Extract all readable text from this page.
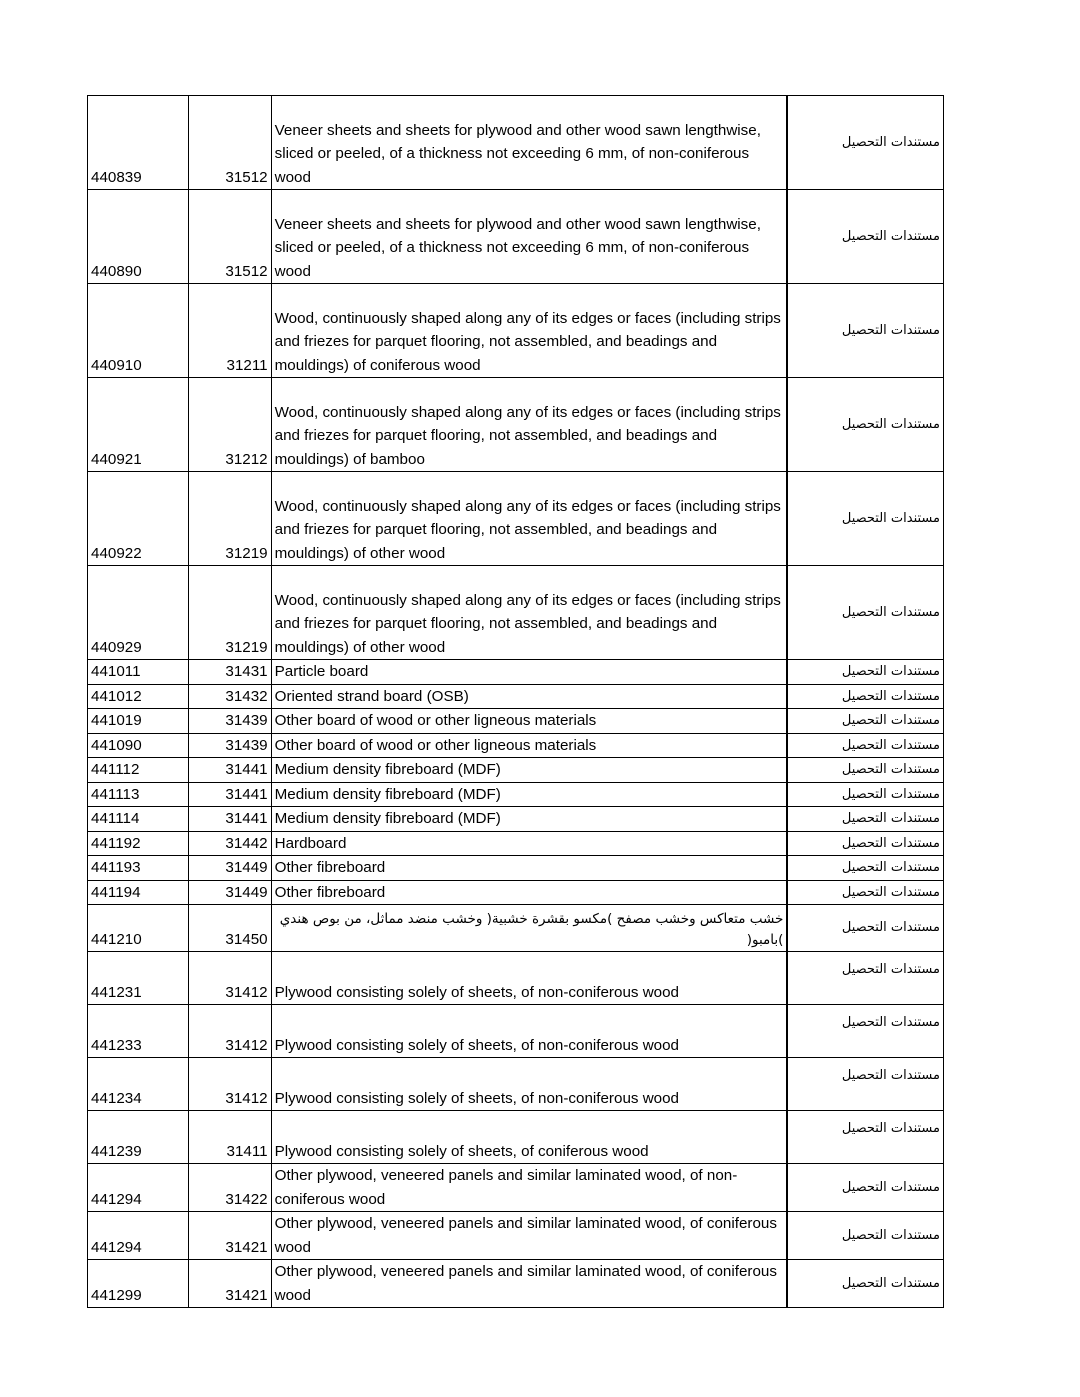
440839	31512	Veneer sheets and sheets for plywood and other wood sawn lengthwise, sliced or peeled, of a thickness not exceeding 6 mm, of non-coniferous wood	مستندات التحصيل
440890	31512	Veneer sheets and sheets for plywood and other wood sawn lengthwise, sliced or peeled, of a thickness not exceeding 6 mm, of non-coniferous wood	مستندات التحصيل
440910	31211	Wood, continuously shaped along any of its edges or faces (including strips and friezes for parquet flooring, not assembled, and beadings and mouldings) of coniferous wood	مستندات التحصيل
440921	31212	Wood, continuously shaped along any of its edges or faces (including strips and friezes for parquet flooring, not assembled, and beadings and mouldings) of bamboo	مستندات التحصيل
440922	31219	Wood, continuously shaped along any of its edges or faces (including strips and friezes for parquet flooring, not assembled, and beadings and mouldings) of other wood	مستندات التحصيل
440929	31219	Wood, continuously shaped along any of its edges or faces (including strips and friezes for parquet flooring, not assembled, and beadings and mouldings) of other wood	مستندات التحصيل
441011	31431	Particle board	مستندات التحصيل
441012	31432	Oriented strand board (OSB)	مستندات التحصيل
441019	31439	Other board of wood or other ligneous materials	مستندات التحصيل
441090	31439	Other board of wood or other ligneous materials	مستندات التحصيل
441112	31441	Medium density fibreboard (MDF)	مستندات التحصيل
441113	31441	Medium density fibreboard (MDF)	مستندات التحصيل
441114	31441	Medium density fibreboard (MDF)	مستندات التحصيل
441192	31442	Hardboard	مستندات التحصيل
441193	31449	Other fibreboard	مستندات التحصيل
441194	31449	Other fibreboard	مستندات التحصيل
441210	31450	خشب متعاكس وخشب مصفح )مكسو بقشرة خشبية( وخشب منضد مماثل، من بوص هندي )بامبو(	مستندات التحصيل
441231	31412	Plywood consisting solely of sheets, of non-coniferous wood	مستندات التحصيل
441233	31412	Plywood consisting solely of sheets, of non-coniferous wood	مستندات التحصيل
441234	31412	Plywood consisting solely of sheets, of non-coniferous wood	مستندات التحصيل
441239	31411	Plywood consisting solely of sheets, of coniferous wood	مستندات التحصيل
441294	31422	Other plywood, veneered panels and similar laminated wood, of non-coniferous wood	مستندات التحصيل
441294	31421	Other plywood, veneered panels and similar laminated wood, of coniferous wood	مستندات التحصيل
441299	31421	Other plywood, veneered panels and similar laminated wood, of coniferous wood	مستندات التحصيل
